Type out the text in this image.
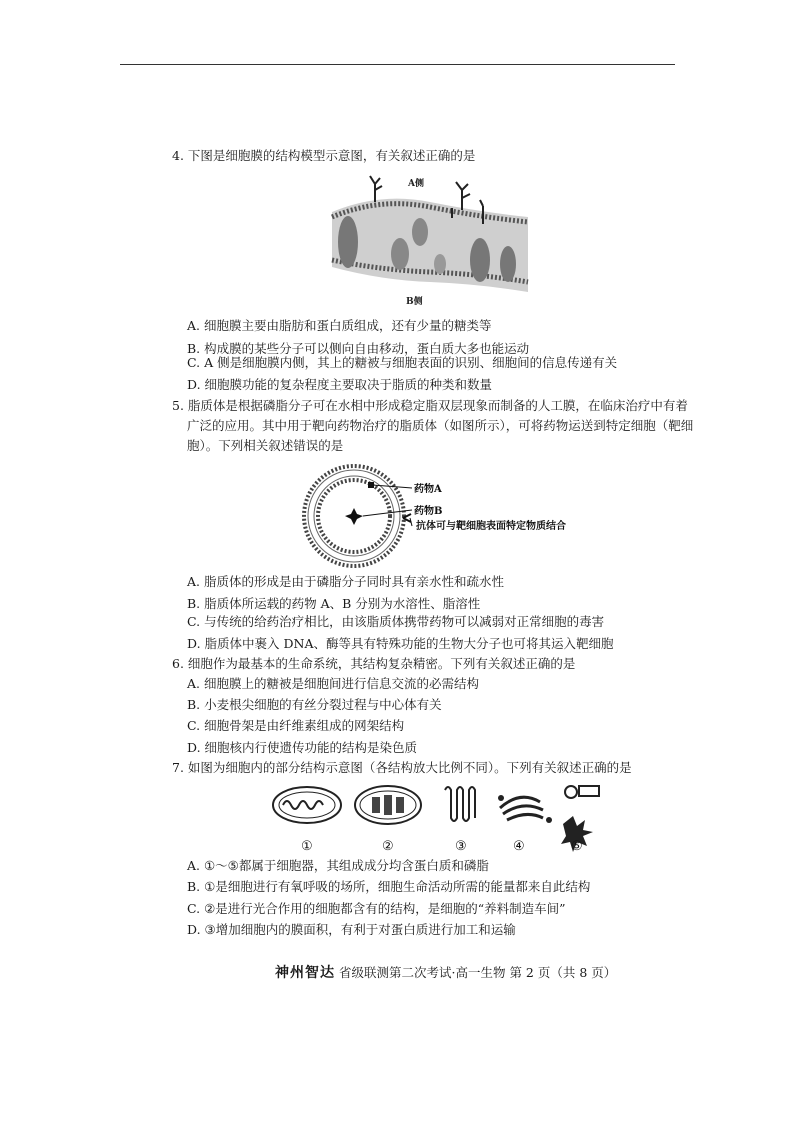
4. 下图是细胞膜的结构模型示意图，有关叙述正确的是
A侧
B侧
A. 细胞膜主要由脂肪和蛋白质组成，还有少量的糖类等
B. 构成膜的某些分子可以侧向自由移动，蛋白质大多也能运动
C. A 侧是细胞膜内侧，其上的糖被与细胞表面的识别、细胞间的信息传递有关
D. 细胞膜功能的复杂程度主要取决于脂质的种类和数量
5. 脂质体是根据磷脂分子可在水相中形成稳定脂双层现象而制备的人工膜，在临床治疗中有着
广泛的应用。其中用于靶向药物治疗的脂质体（如图所示），可将药物运送到特定细胞（靶细
胞）。下列相关叙述错误的是
药物A
药物B
抗体可与靶细胞表面特定物质结合
A. 脂质体的形成是由于磷脂分子同时具有亲水性和疏水性
B. 脂质体所运载的药物 A、B 分别为水溶性、脂溶性
C. 与传统的给药治疗相比，由该脂质体携带药物可以减弱对正常细胞的毒害
D. 脂质体中裹入 DNA、酶等具有特殊功能的生物大分子也可将其运入靶细胞
6. 细胞作为最基本的生命系统，其结构复杂精密。下列有关叙述正确的是
A. 细胞膜上的糖被是细胞间进行信息交流的必需结构
B. 小麦根尖细胞的有丝分裂过程与中心体有关
C. 细胞骨架是由纤维素组成的网架结构
D. 细胞核内行使遗传功能的结构是染色质
7. 如图为细胞内的部分结构示意图（各结构放大比例不同）。下列有关叙述正确的是
①	②	③	④	⑤
A. ①～⑤都属于细胞器，其组成成分均含蛋白质和磷脂
B. ①是细胞进行有氧呼吸的场所，细胞生命活动所需的能量都来自此结构
C. ②是进行光合作用的细胞都含有的结构，是细胞的“养料制造车间”
D. ③增加细胞内的膜面积，有利于对蛋白质进行加工和运输
神州智达 省级联测第二次考试·高一生物 第 2 页（共 8 页）
